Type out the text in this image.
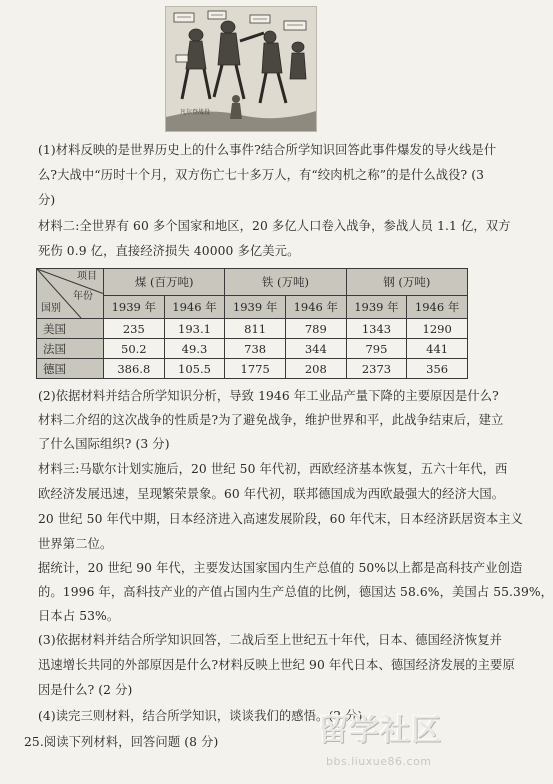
凡尔登战役
(1)材料反映的是世界历史上的什么事件?结合所学知识回答此事件爆发的导火线是什
么?大战中“历时十个月，双方伤亡七十多万人，有“绞肉机之称”的是什么战役? (3
分)
材料二:全世界有 60 多个国家和地区，20 多亿人口卷入战争，参战人员 1.1 亿，双方
死伤 0.9 亿，直接经济损失 40000 多亿美元。
项目
年份
国别	煤 (百万吨)		铁 (万吨)		钢 (万吨)	
	1939 年	1946 年	1939 年	1946 年	1939 年	1946 年
美国	235	193.1	811	789	1343	1290
法国	50.2	49.3	738	344	795	441
德国	386.8	105.5	1775	208	2373	356
(2)依据材料并结合所学知识分析，导致 1946 年工业品产量下降的主要原因是什么?
材料二介绍的这次战争的性质是?为了避免战争，维护世界和平，此战争结束后，建立
了什么国际组织? (3 分)
材料三:马歇尔计划实施后，20 世纪 50 年代初，西欧经济基本恢复，五六十年代，西
欧经济发展迅速，呈现繁荣景象。60 年代初，联邦德国成为西欧最强大的经济大国。
20 世纪 50 年代中期，日本经济进入高速发展阶段，60 年代末，日本经济跃居资本主义
世界第二位。
据统计，20 世纪 90 年代，主要发达国家国内生产总值的 50%以上都是高科技产业创造
的。1996 年，高科技产业的产值占国内生产总值的比例，德国达 58.6%，美国占 55.39%，
日本占 53%。
(3)依据材料并结合所学知识回答，二战后至上世纪五十年代，日本、德国经济恢复并
迅速增长共同的外部原因是什么?材料反映上世纪 90 年代日本、德国经济发展的主要原
因是什么? (2 分)
(4)读完三则材料，结合所学知识，谈谈我们的感悟。(2 分)
25.阅读下列材料，回答问题 (8 分)	留学社区
bbs.liuxue86.com
